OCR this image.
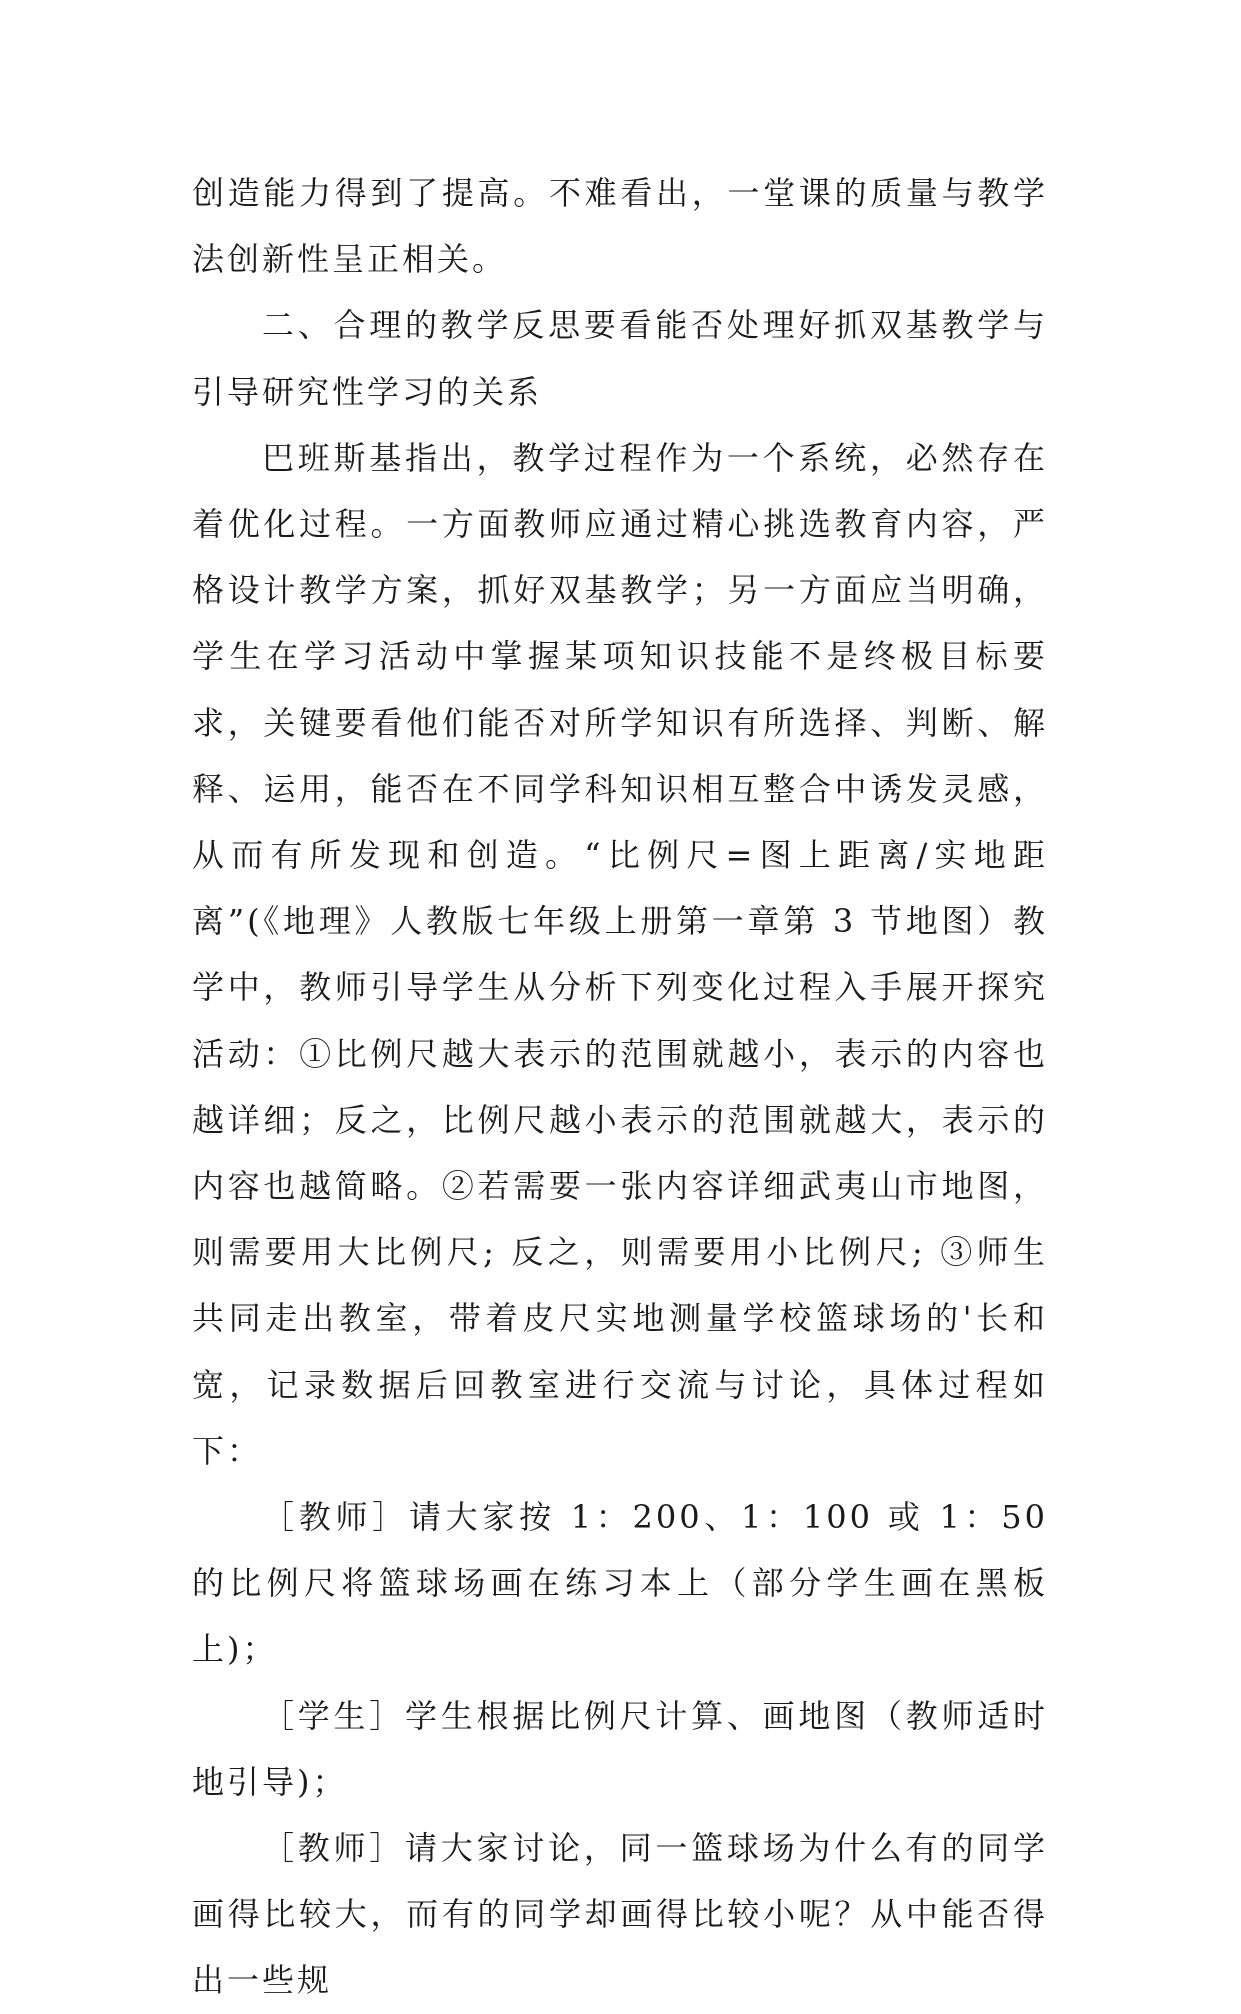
创造能力得到了提高。不难看出，一堂课的质量与教学法创新性呈正相关。

二、合理的教学反思要看能否处理好抓双基教学与引导研究性学习的关系

巴班斯基指出，教学过程作为一个系统，必然存在着优化过程。一方面教师应通过精心挑选教育内容，严格设计教学方案，抓好双基教学；另一方面应当明确，学生在学习活动中掌握某项知识技能不是终极目标要求，关键要看他们能否对所学知识有所选择、判断、解释、运用，能否在不同学科知识相互整合中诱发灵感，从而有所发现和创造。“比例尺=图上距离/实地距离”(《地理》人教版七年级上册第一章第 3 节地图）教学中，教师引导学生从分析下列变化过程入手展开探究活动：①比例尺越大表示的范围就越小，表示的内容也越详细；反之，比例尺越小表示的范围就越大，表示的内容也越简略。②若需要一张内容详细武夷山市地图，则需要用大比例尺; 反之，则需要用小比例尺; ③师生共同走出教室，带着皮尺实地测量学校篮球场的'长和宽，记录数据后回教室进行交流与讨论，具体过程如下：

［教师］请大家按 1：200、1：100 或 1：50 的比例尺将篮球场画在练习本上（部分学生画在黑板上)；

［学生］学生根据比例尺计算、画地图（教师适时地引导)；

［教师］请大家讨论，同一篮球场为什么有的同学画得比较大，而有的同学却画得比较小呢？从中能否得出一些规
